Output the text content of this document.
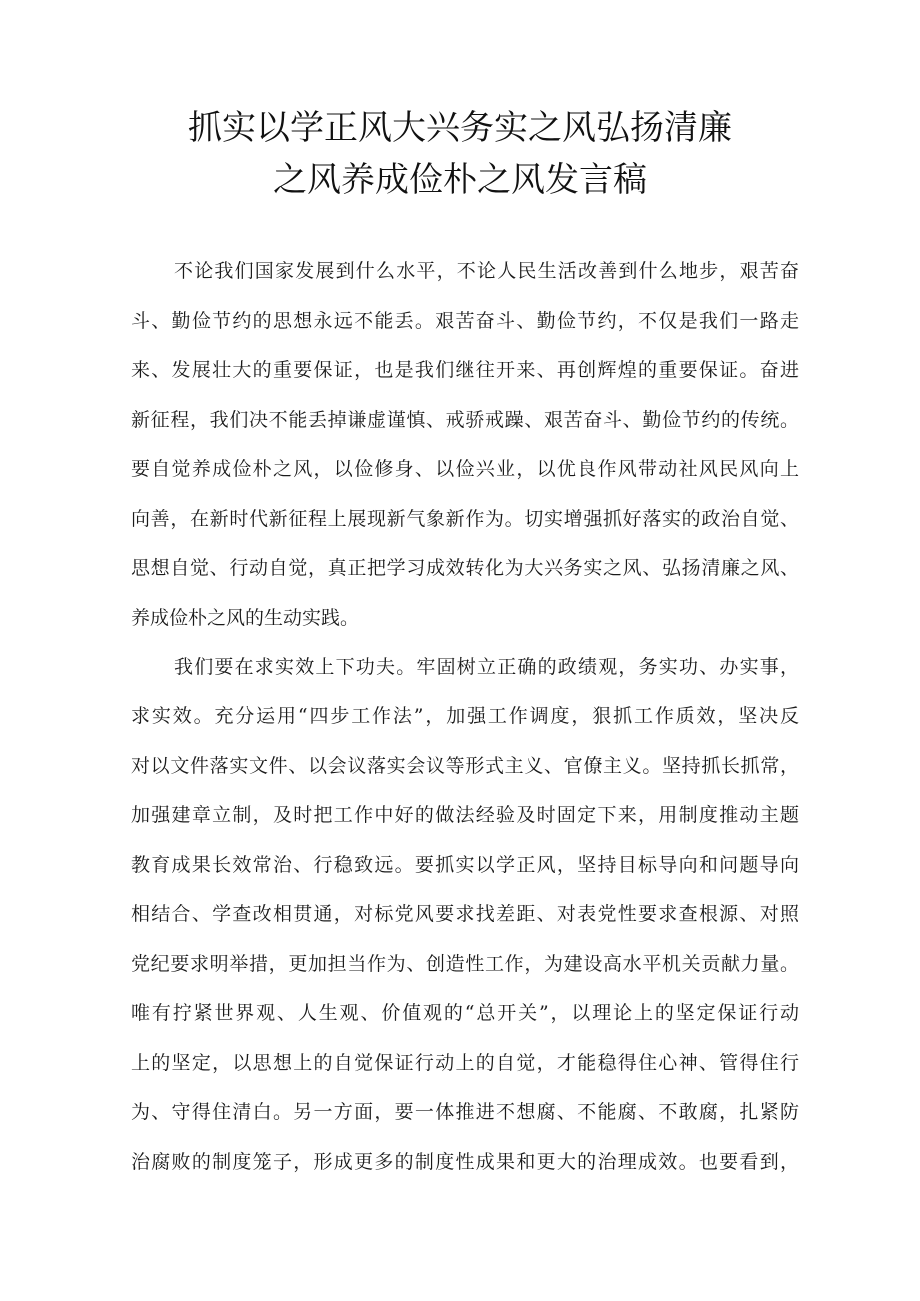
抓实以学正风大兴务实之风弘扬清廉
之风养成俭朴之风发言稿
不论我们国家发展到什么水平，不论人民生活改善到什么地步，艰苦奋
斗、勤俭节约的思想永远不能丢。艰苦奋斗、勤俭节约，不仅是我们一路走
来、发展壮大的重要保证，也是我们继往开来、再创辉煌的重要保证。奋进
新征程，我们决不能丢掉谦虚谨慎、戒骄戒躁、艰苦奋斗、勤俭节约的传统。
要自觉养成俭朴之风，以俭修身、以俭兴业，以优良作风带动社风民风向上
向善，在新时代新征程上展现新气象新作为。切实增强抓好落实的政治自觉、
思想自觉、行动自觉，真正把学习成效转化为大兴务实之风、弘扬清廉之风、
养成俭朴之风的生动实践。
我们要在求实效上下功夫。牢固树立正确的政绩观，务实功、办实事，
求实效。充分运用“四步工作法”，加强工作调度，狠抓工作质效，坚决反
对以文件落实文件、以会议落实会议等形式主义、官僚主义。坚持抓长抓常，
加强建章立制，及时把工作中好的做法经验及时固定下来，用制度推动主题
教育成果长效常治、行稳致远。要抓实以学正风，坚持目标导向和问题导向
相结合、学查改相贯通，对标党风要求找差距、对表党性要求查根源、对照
党纪要求明举措，更加担当作为、创造性工作，为建设高水平机关贡献力量。
唯有拧紧世界观、人生观、价值观的“总开关”，以理论上的坚定保证行动
上的坚定，以思想上的自觉保证行动上的自觉，才能稳得住心神、管得住行
为、守得住清白。另一方面，要一体推进不想腐、不能腐、不敢腐，扎紧防
治腐败的制度笼子，形成更多的制度性成果和更大的治理成效。也要看到，
